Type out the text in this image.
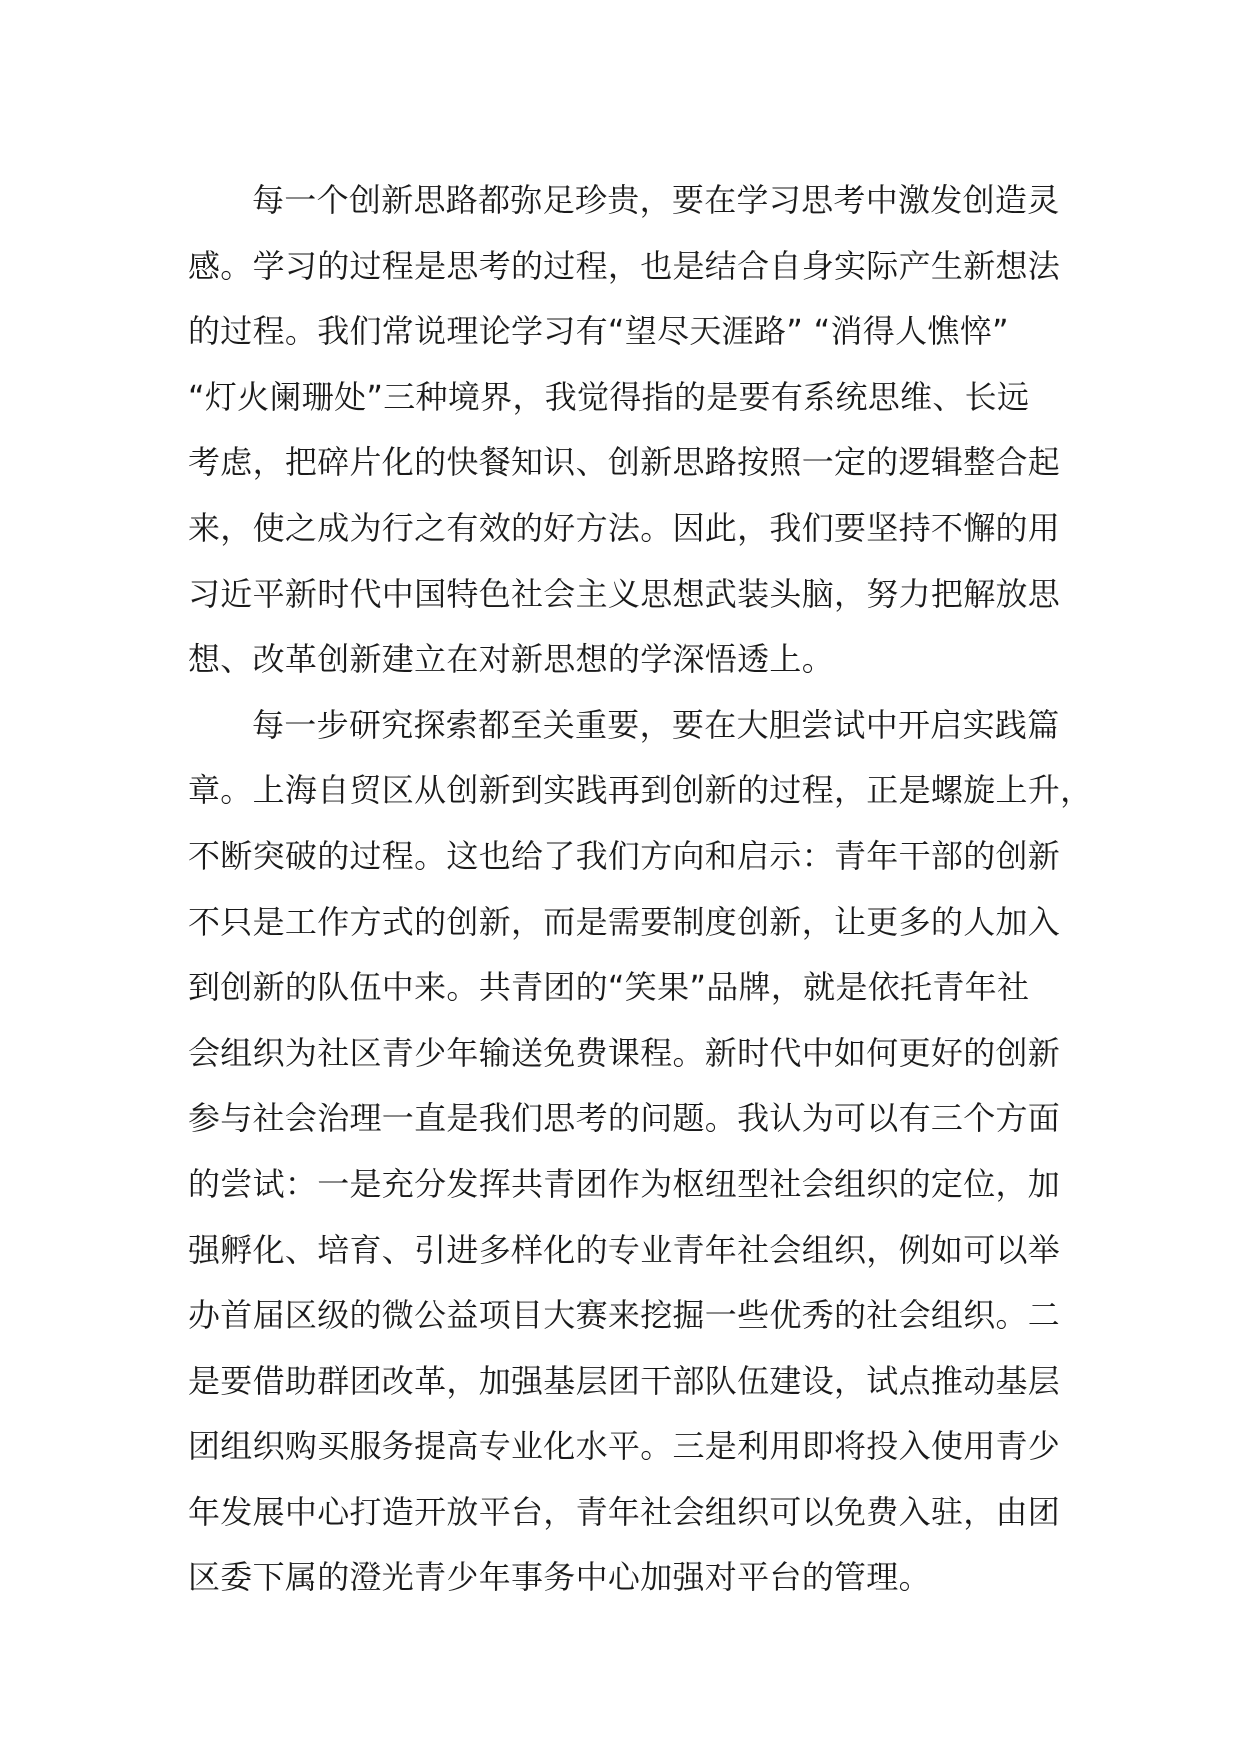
每一个创新思路都弥足珍贵，要在学习思考中激发创造灵
感。学习的过程是思考的过程，也是结合自身实际产生新想法
的过程。我们常说理论学习有“望尽天涯路” “消得人憔悴”
“灯火阑珊处”三种境界，我觉得指的是要有系统思维、长远
考虑，把碎片化的快餐知识、创新思路按照一定的逻辑整合起
来，使之成为行之有效的好方法。因此，我们要坚持不懈的用
习近平新时代中国特色社会主义思想武装头脑，努力把解放思
想、改革创新建立在对新思想的学深悟透上。
每一步研究探索都至关重要，要在大胆尝试中开启实践篇
章。上海自贸区从创新到实践再到创新的过程，正是螺旋上升，
不断突破的过程。这也给了我们方向和启示：青年干部的创新
不只是工作方式的创新，而是需要制度创新，让更多的人加入
到创新的队伍中来。共青团的“笑果”品牌，就是依托青年社
会组织为社区青少年输送免费课程。新时代中如何更好的创新
参与社会治理一直是我们思考的问题。我认为可以有三个方面
的尝试：一是充分发挥共青团作为枢纽型社会组织的定位，加
强孵化、培育、引进多样化的专业青年社会组织，例如可以举
办首届区级的微公益项目大赛来挖掘一些优秀的社会组织。二
是要借助群团改革，加强基层团干部队伍建设，试点推动基层
团组织购买服务提高专业化水平。三是利用即将投入使用青少
年发展中心打造开放平台，青年社会组织可以免费入驻，由团
区委下属的澄光青少年事务中心加强对平台的管理。
